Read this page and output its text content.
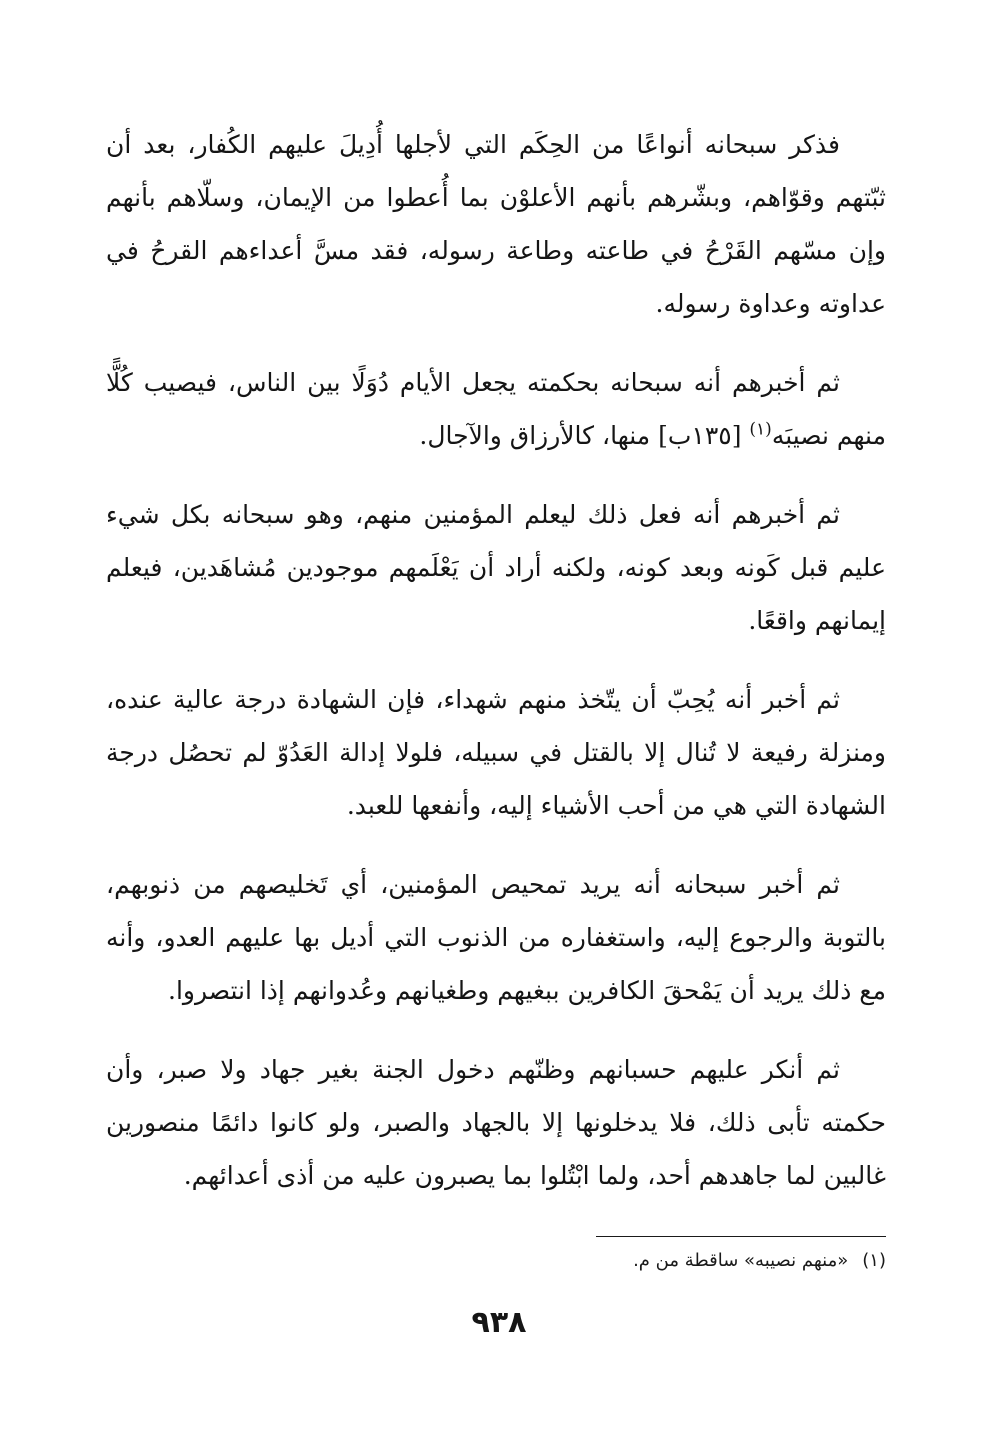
فذكر سبحانه أنواعًا من الحِكَم التي لأجلها أُدِيلَ عليهم الكُفار، بعد أن ثبّتهم وقوّاهم، وبشّرهم بأنهم الأعلوْن بما أُعطوا من الإيمان، وسلّاهم بأنهم وإن مسّهم القَرْحُ في طاعته وطاعة رسوله، فقد مسَّ أعداءهم القرحُ في عداوته وعداوة رسوله.

ثم أخبرهم أنه سبحانه بحكمته يجعل الأيام دُوَلًا بين الناس، فيصيب كُلًّا منهم نصيبَه$^{(١)}$ [١٣٥ب] منها، كالأرزاق والآجال.

ثم أخبرهم أنه فعل ذلك ليعلم المؤمنين منهم، وهو سبحانه بكل شيء عليم قبل كَونه وبعد كونه، ولكنه أراد أن يَعْلَمهم موجودين مُشاهَدين، فيعلم إيمانهم واقعًا.

ثم أخبر أنه يُحِبّ أن يتّخذ منهم شهداء، فإن الشهادة درجة عالية عنده، ومنزلة رفيعة لا تُنال إلا بالقتل في سبيله، فلولا إدالة العَدُوّ لم تحصُل درجة الشهادة التي هي من أحب الأشياء إليه، وأنفعها للعبد.

ثم أخبر سبحانه أنه يريد تمحيص المؤمنين، أي تَخليصهم من ذنوبهم، بالتوبة والرجوع إليه، واستغفاره من الذنوب التي أديل بها عليهم العدو، وأنه مع ذلك يريد أن يَمْحقَ الكافرين ببغيهم وطغيانهم وعُدوانهم إذا انتصروا.

ثم أنكر عليهم حسبانهم وظنّهم دخول الجنة بغير جهاد ولا صبر، وأن حكمته تأبى ذلك، فلا يدخلونها إلا بالجهاد والصبر، ولو كانوا دائمًا منصورين غالبين لما جاهدهم أحد، ولما ابْتُلوا بما يصبرون عليه من أذى أعدائهم.

(١)«منهم نصيبه» ساقطة من م.
٩٣٨
